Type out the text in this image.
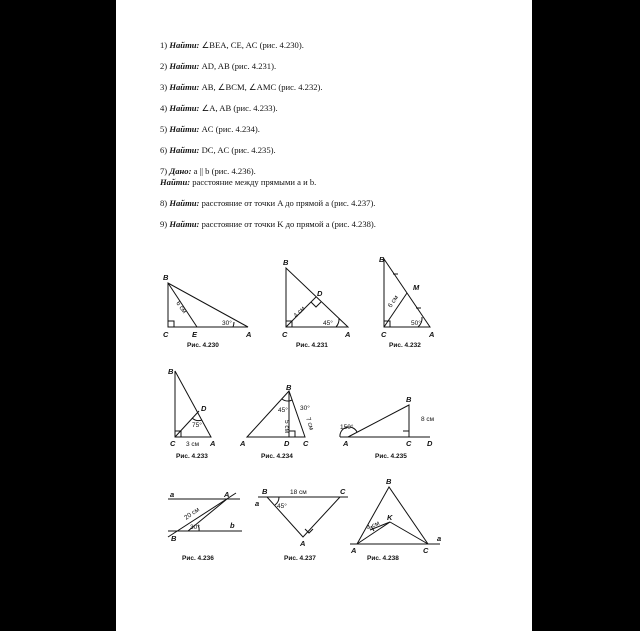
1) Найти: ∠BEA, CE, AC (рис. 4.230).
2) Найти: AD, AB (рис. 4.231).
3) Найти: AB, ∠BCM, ∠AMC (рис. 4.232).
4) Найти: ∠A, AB (рис. 4.233).
5) Найти: AC (рис. 4.234).
6) Найти: DC, AC (рис. 4.235).
7) Дано: a || b (рис. 4.236).
Найти: расстояние между прямыми a и b.
8) Найти: расстояние от точки A до прямой a (рис. 4.237).
9) Найти: расстояние от точки K до прямой a (рис. 4.238).
B
C	E	A
6 см
30°
Рис. 4.230
B
C
D
A
4 см
45°
Рис. 4.231
B
C
M
A
6 см
50°
Рис. 4.232
B
C
D
A
3 см
75°
Рис. 4.233
B
A	D C
45° 30°
5 см 7 см
Рис. 4.234
B
A	C D
8 см
150°
Рис. 4.235
a
b
A
B
20 см
30°
Рис. 4.236
B	C
a
A
18 см
45°
Рис. 4.237
B
K
A	C
a
4 см
Рис. 4.238
